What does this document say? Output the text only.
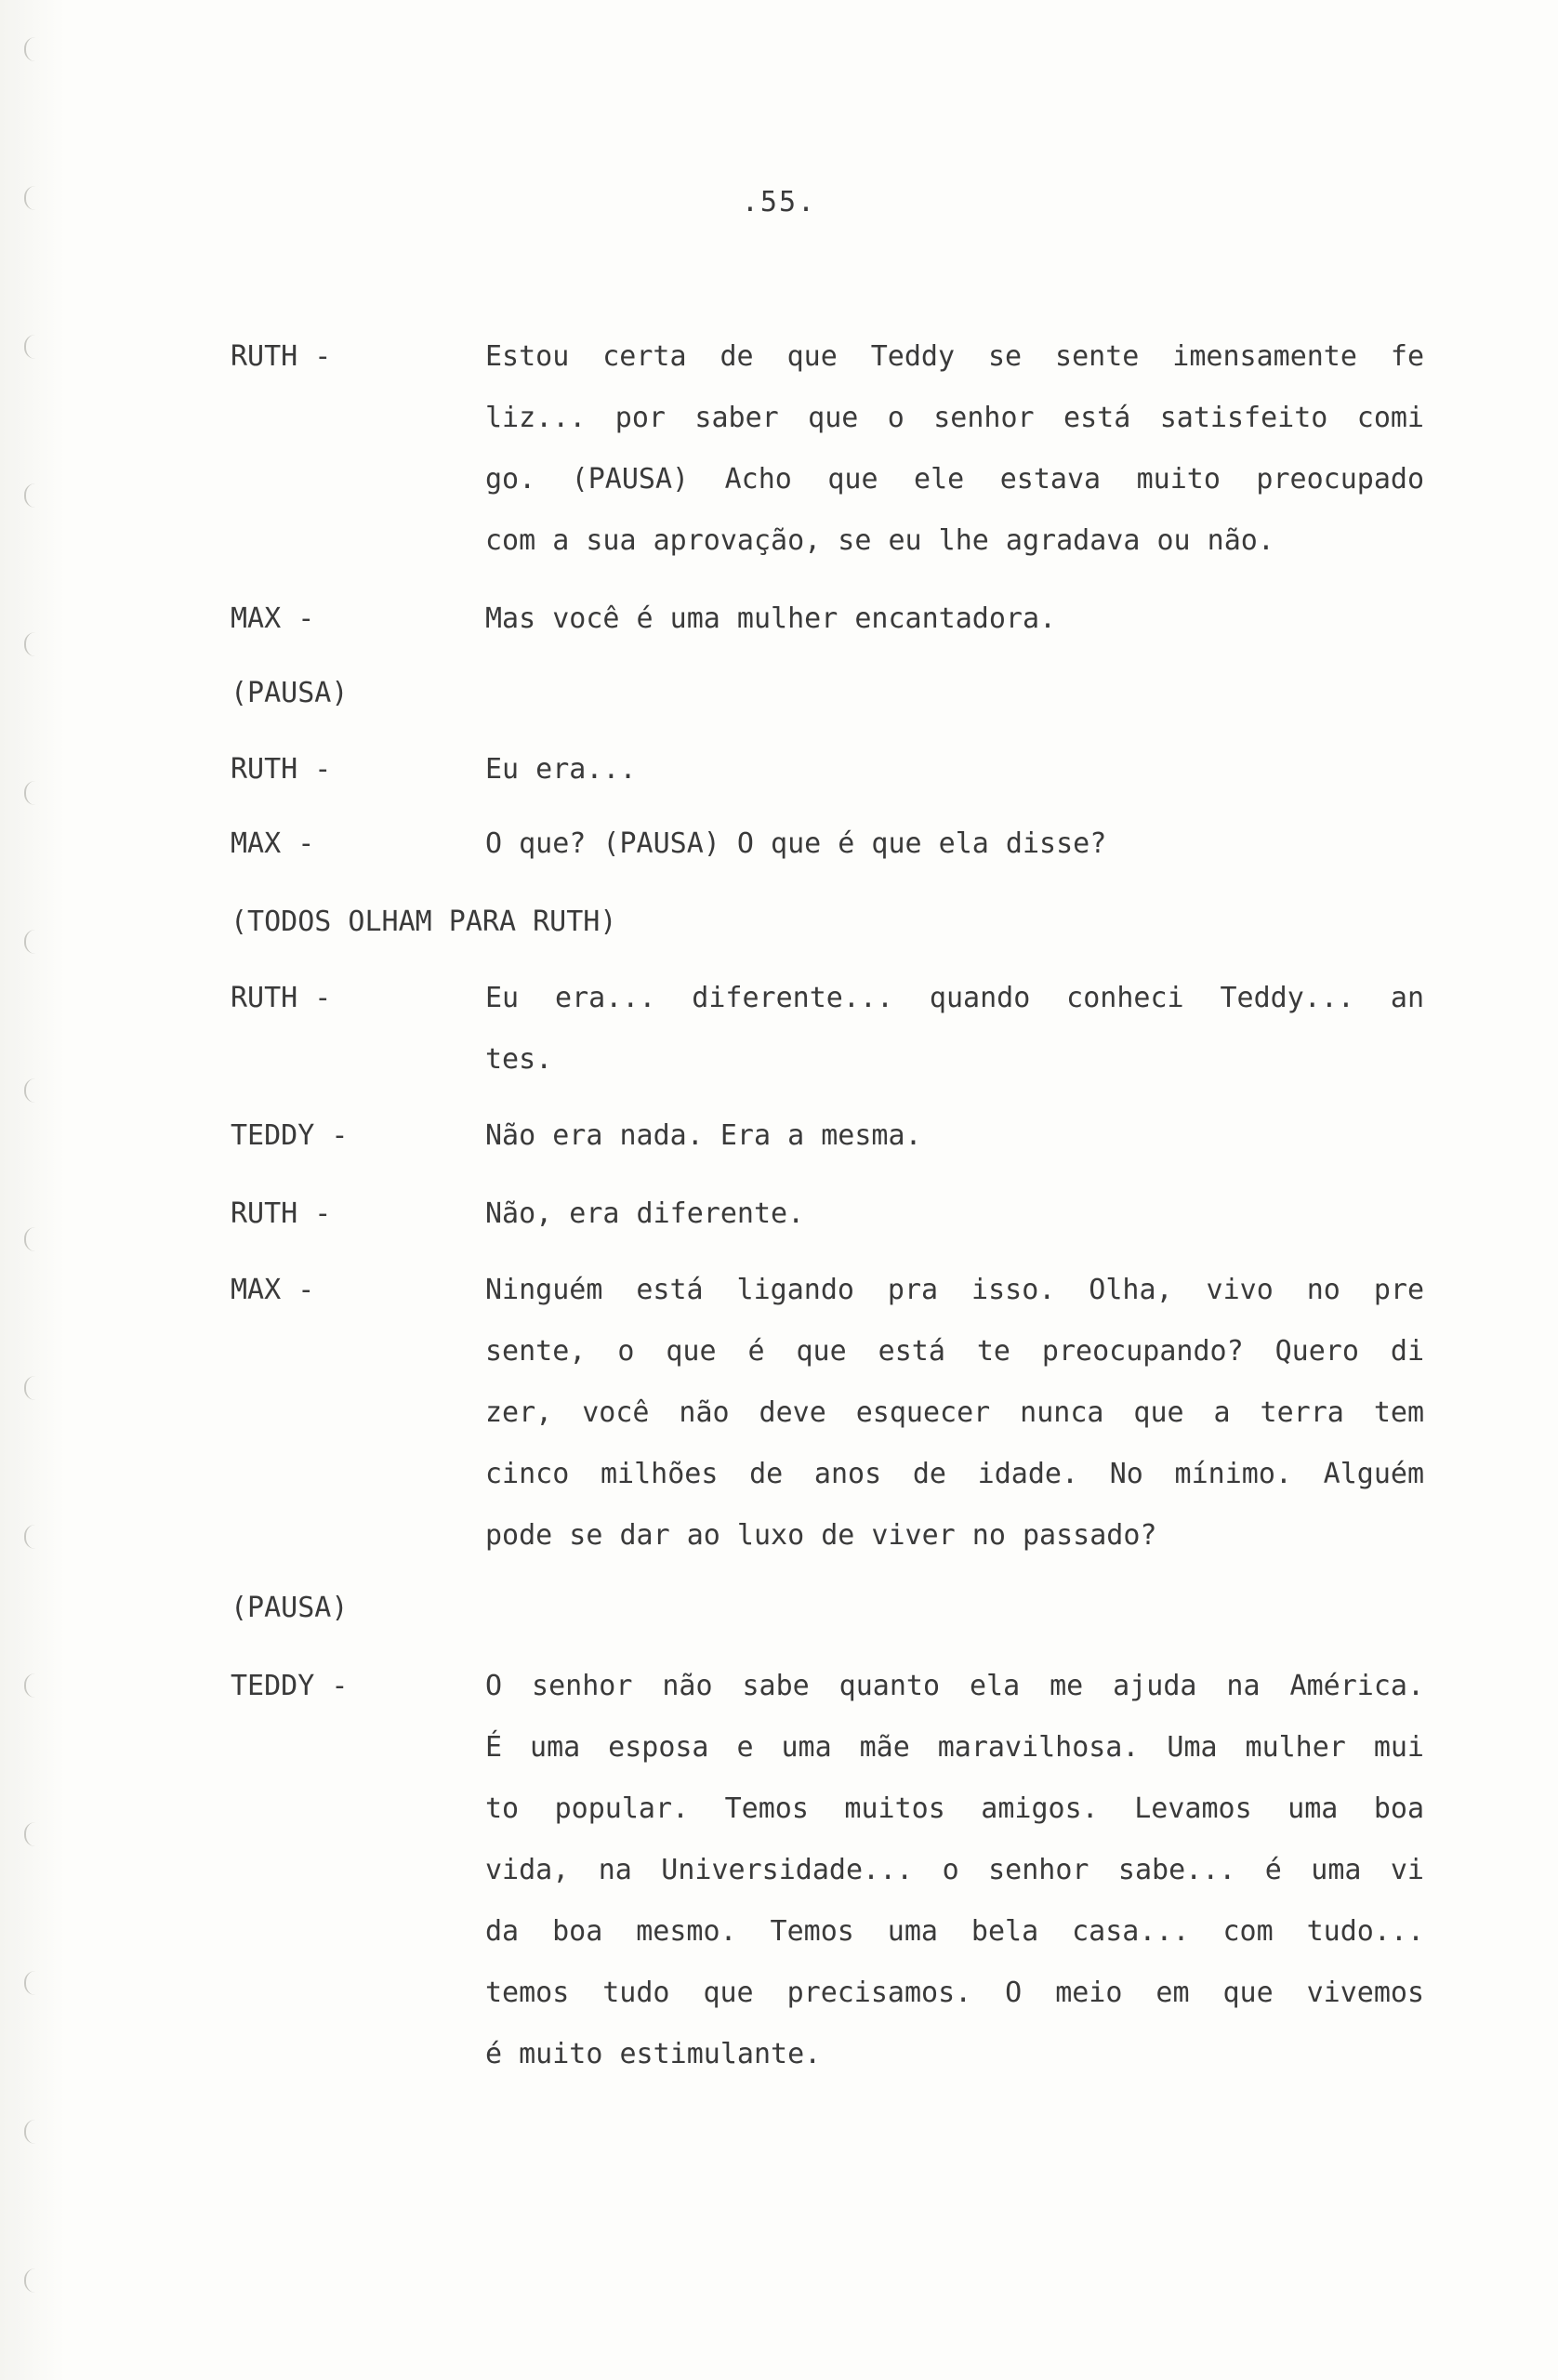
.55.
RUTH -	Estou certa de que Teddy se sente imensamente fe
liz... por saber que o senhor está satisfeito comi
go. (PAUSA) Acho que ele estava muito preocupado
com a sua aprovação, se eu lhe agradava ou não.
MAX -	Mas você é uma mulher encantadora.
(PAUSA)
RUTH -	Eu era...
MAX -	O que? (PAUSA) O que é que ela disse?
(TODOS OLHAM PARA RUTH)
RUTH -	Eu era... diferente... quando conheci Teddy... an
tes.
TEDDY -	Não era nada. Era a mesma.
RUTH -	Não, era diferente.
MAX -	Ninguém está ligando pra isso. Olha, vivo no pre
sente, o que é que está te preocupando? Quero di
zer, você não deve esquecer nunca que a terra tem
cinco milhões de anos de idade. No mínimo. Alguém
pode se dar ao luxo de viver no passado?
(PAUSA)
TEDDY -	O senhor não sabe quanto ela me ajuda na América.
É uma esposa e uma mãe maravilhosa. Uma mulher mui
to popular. Temos muitos amigos. Levamos uma boa
vida, na Universidade... o senhor sabe... é uma vi
da boa mesmo. Temos uma bela casa... com tudo...
temos tudo que precisamos. O meio em que vivemos
é muito estimulante.
